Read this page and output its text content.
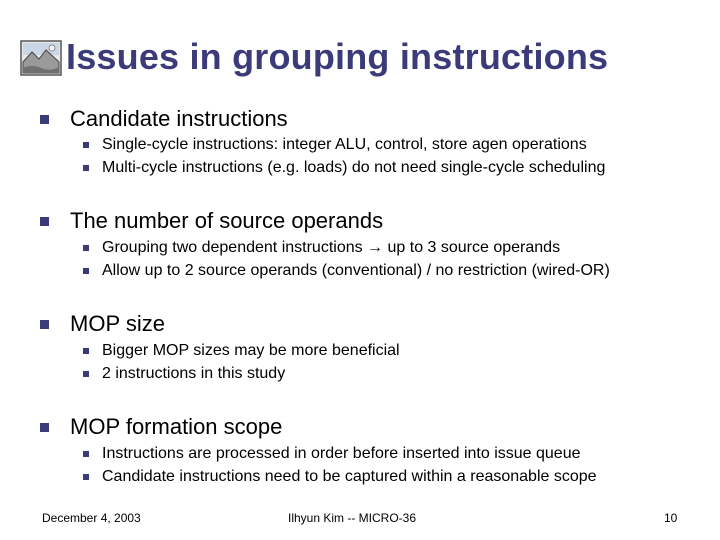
Issues in grouping instructions
Candidate instructions
Single-cycle instructions: integer ALU, control, store agen operations
Multi-cycle instructions (e.g. loads) do not need single-cycle scheduling
The number of source operands
Grouping two dependent instructions → up to 3 source operands
Allow up to 2 source operands (conventional) / no restriction (wired-OR)
MOP size
Bigger MOP sizes may be more beneficial
2 instructions in this study
MOP formation scope
Instructions are processed in order before inserted into issue queue
Candidate instructions need to be captured within a reasonable scope
December 4, 2003	Ilhyun Kim -- MICRO-36	10
